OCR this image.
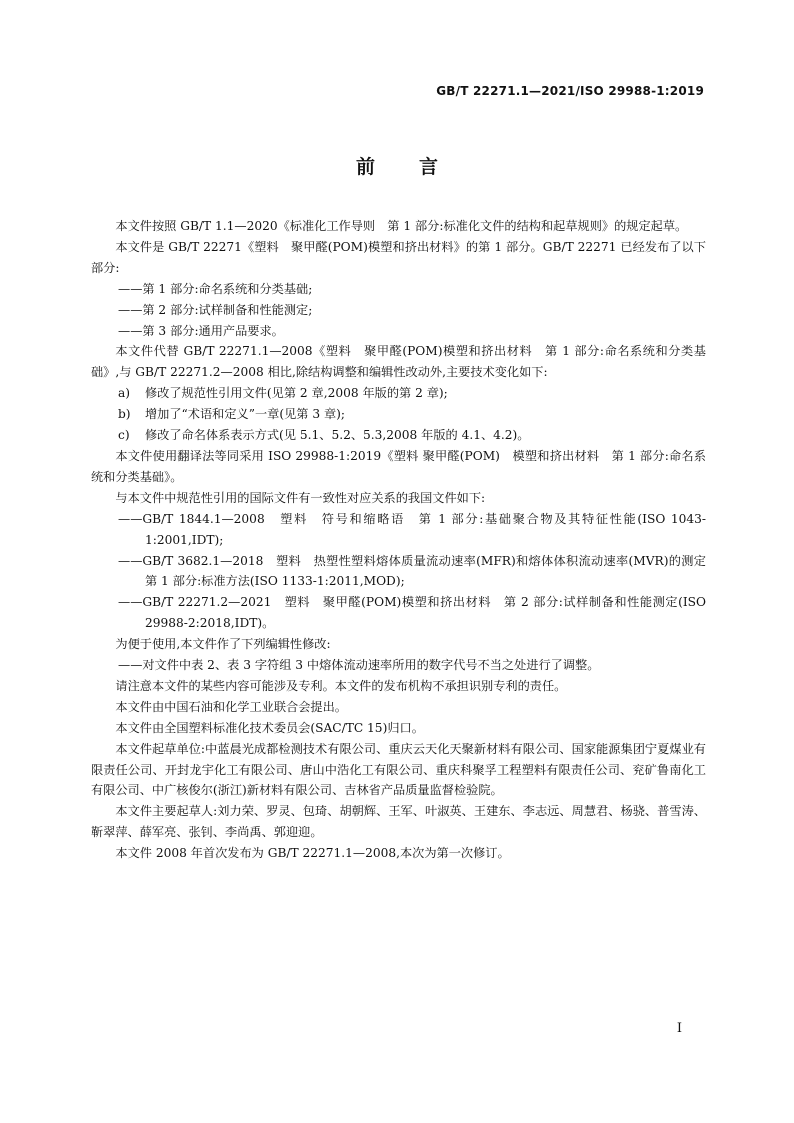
GB/T 22271.1—2021/ISO 29988-1:2019
前 言

本文件按照 GB/T 1.1—2020《标准化工作导则　第 1 部分:标准化文件的结构和起草规则》的规定起草。

本文件是 GB/T 22271《塑料　聚甲醛(POM)模塑和挤出材料》的第 1 部分。GB/T 22271 已经发布了以下部分:

——第 1 部分:命名系统和分类基础;

——第 2 部分:试样制备和性能测定;

——第 3 部分:通用产品要求。

本文件代替 GB/T 22271.1—2008《塑料　聚甲醛(POM)模塑和挤出材料　第 1 部分:命名系统和分类基础》,与 GB/T 22271.2—2008 相比,除结构调整和编辑性改动外,主要技术变化如下:

a) 修改了规范性引用文件(见第 2 章,2008 年版的第 2 章);

b) 增加了“术语和定义”一章(见第 3 章);

c) 修改了命名体系表示方式(见 5.1、5.2、5.3,2008 年版的 4.1、4.2)。

本文件使用翻译法等同采用 ISO 29988-1:2019《塑料 聚甲醛(POM)　模塑和挤出材料　第 1 部分:命名系统和分类基础》。

与本文件中规范性引用的国际文件有一致性对应关系的我国文件如下:

——GB/T 1844.1—2008　塑料　符号和缩略语　第 1 部分:基础聚合物及其特征性能(ISO 1043-1:2001,IDT);

——GB/T 3682.1—2018　塑料　热塑性塑料熔体质量流动速率(MFR)和熔体体积流动速率(MVR)的测定　第 1 部分:标准方法(ISO 1133-1:2011,MOD);

——GB/T 22271.2—2021　塑料　聚甲醛(POM)模塑和挤出材料　第 2 部分:试样制备和性能测定(ISO 29988-2:2018,IDT)。

为便于使用,本文件作了下列编辑性修改:

——对文件中表 2、表 3 字符组 3 中熔体流动速率所用的数字代号不当之处进行了调整。

请注意本文件的某些内容可能涉及专利。本文件的发布机构不承担识别专利的责任。

本文件由中国石油和化学工业联合会提出。

本文件由全国塑料标准化技术委员会(SAC/TC 15)归口。

本文件起草单位:中蓝晨光成都检测技术有限公司、重庆云天化天聚新材料有限公司、国家能源集团宁夏煤业有限责任公司、开封龙宇化工有限公司、唐山中浩化工有限公司、重庆科聚孚工程塑料有限责任公司、兖矿鲁南化工有限公司、中广核俊尔(浙江)新材料有限公司、吉林省产品质量监督检验院。

本文件主要起草人:刘力荣、罗灵、包琦、胡朝辉、王军、叶淑英、王建东、李志远、周慧君、杨骁、普雪涛、靳翠萍、薛军亮、张钊、李尚禹、郭迎迎。

本文件 2008 年首次发布为 GB/T 22271.1—2008,本次为第一次修订。

I
